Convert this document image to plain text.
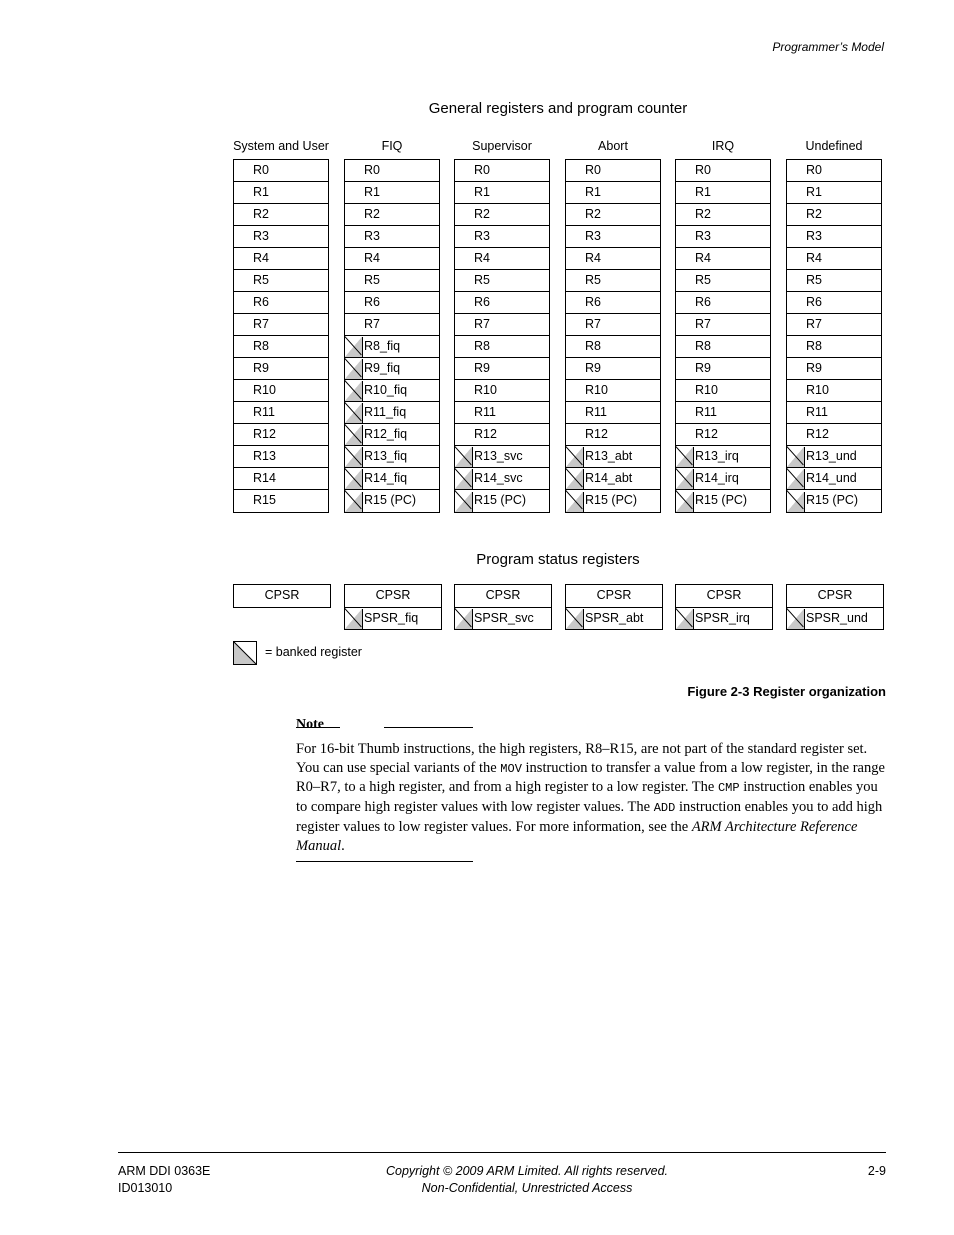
Programmer’s Model
General registers and program counter
System and User
R0
R1
R2
R3
R4
R5
R6
R7
R8
R9
R10
R11
R12
R13
R14
R15
FIQ
R0
R1
R2
R3
R4
R5
R6
R7
R8_fiq
R9_fiq
R10_fiq
R11_fiq
R12_fiq
R13_fiq
R14_fiq
R15 (PC)
Supervisor
R0
R1
R2
R3
R4
R5
R6
R7
R8
R9
R10
R11
R12
R13_svc
R14_svc
R15 (PC)
Abort
R0
R1
R2
R3
R4
R5
R6
R7
R8
R9
R10
R11
R12
R13_abt
R14_abt
R15 (PC)
IRQ
R0
R1
R2
R3
R4
R5
R6
R7
R8
R9
R10
R11
R12
R13_irq
R14_irq
R15 (PC)
Undefined
R0
R1
R2
R3
R4
R5
R6
R7
R8
R9
R10
R11
R12
R13_und
R14_und
R15 (PC)
Program status registers
CPSR	CPSR
SPSR_fiq
CPSR
SPSR_svc
CPSR
SPSR_abt
CPSR
SPSR_irq
CPSR
SPSR_und
= banked register
Figure 2-3 Register organization
Note
For 16-bit Thumb instructions, the high registers, R8–R15, are not part of the standard register set. You can use special variants of the MOV instruction to transfer a value from a low register, in the range R0–R7, to a high register, and from a high register to a low register. The CMP instruction enables you to compare high register values with low register values. The ADD instruction enables you to add high register values to low register values. For more information, see the ARM Architecture Reference Manual.
ARM DDI 0363E
ID013010
Copyright © 2009 ARM Limited. All rights reserved.
Non-Confidential, Unrestricted Access
2-9
